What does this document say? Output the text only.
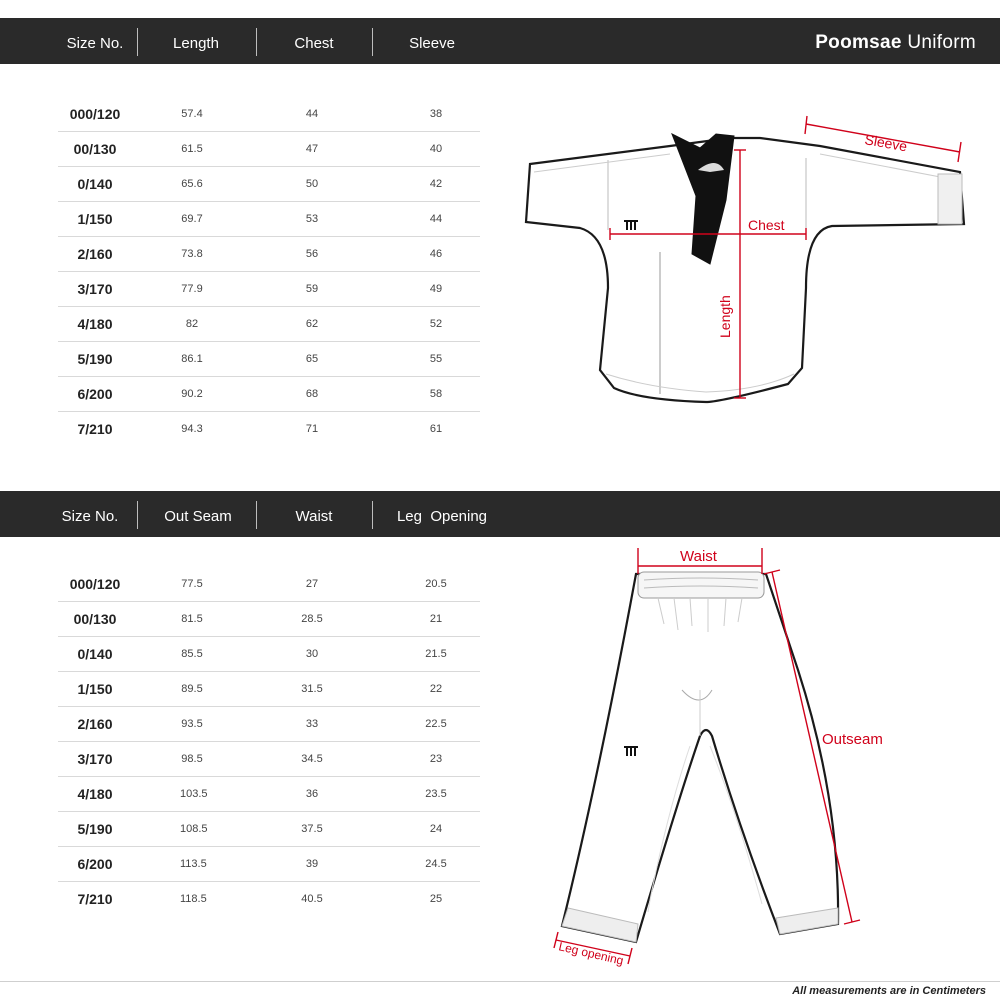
Size No.	Length	Chest	Sleeve	Poomsae Uniform
000/120	57.4	44	38
00/130	61.5	47	40
0/140	65.6	50	42
1/150	69.7	53	44
2/160	73.8	56	46
3/170	77.9	59	49
4/180	82	62	52
5/190	86.1	65	55
6/200	90.2	68	58
7/210	94.3	71	61
Sleeve
Chest
Length
Size No.	Out Seam	Waist	Leg  Opening
000/120	77.5	27	20.5
00/130	81.5	28.5	21
0/140	85.5	30	21.5
1/150	89.5	31.5	22
2/160	93.5	33	22.5
3/170	98.5	34.5	23
4/180	103.5	36	23.5
5/190	108.5	37.5	24
6/200	113.5	39	24.5
7/210	118.5	40.5	25
Waist
Outseam
Leg opening
All measurements are in Centimeters
